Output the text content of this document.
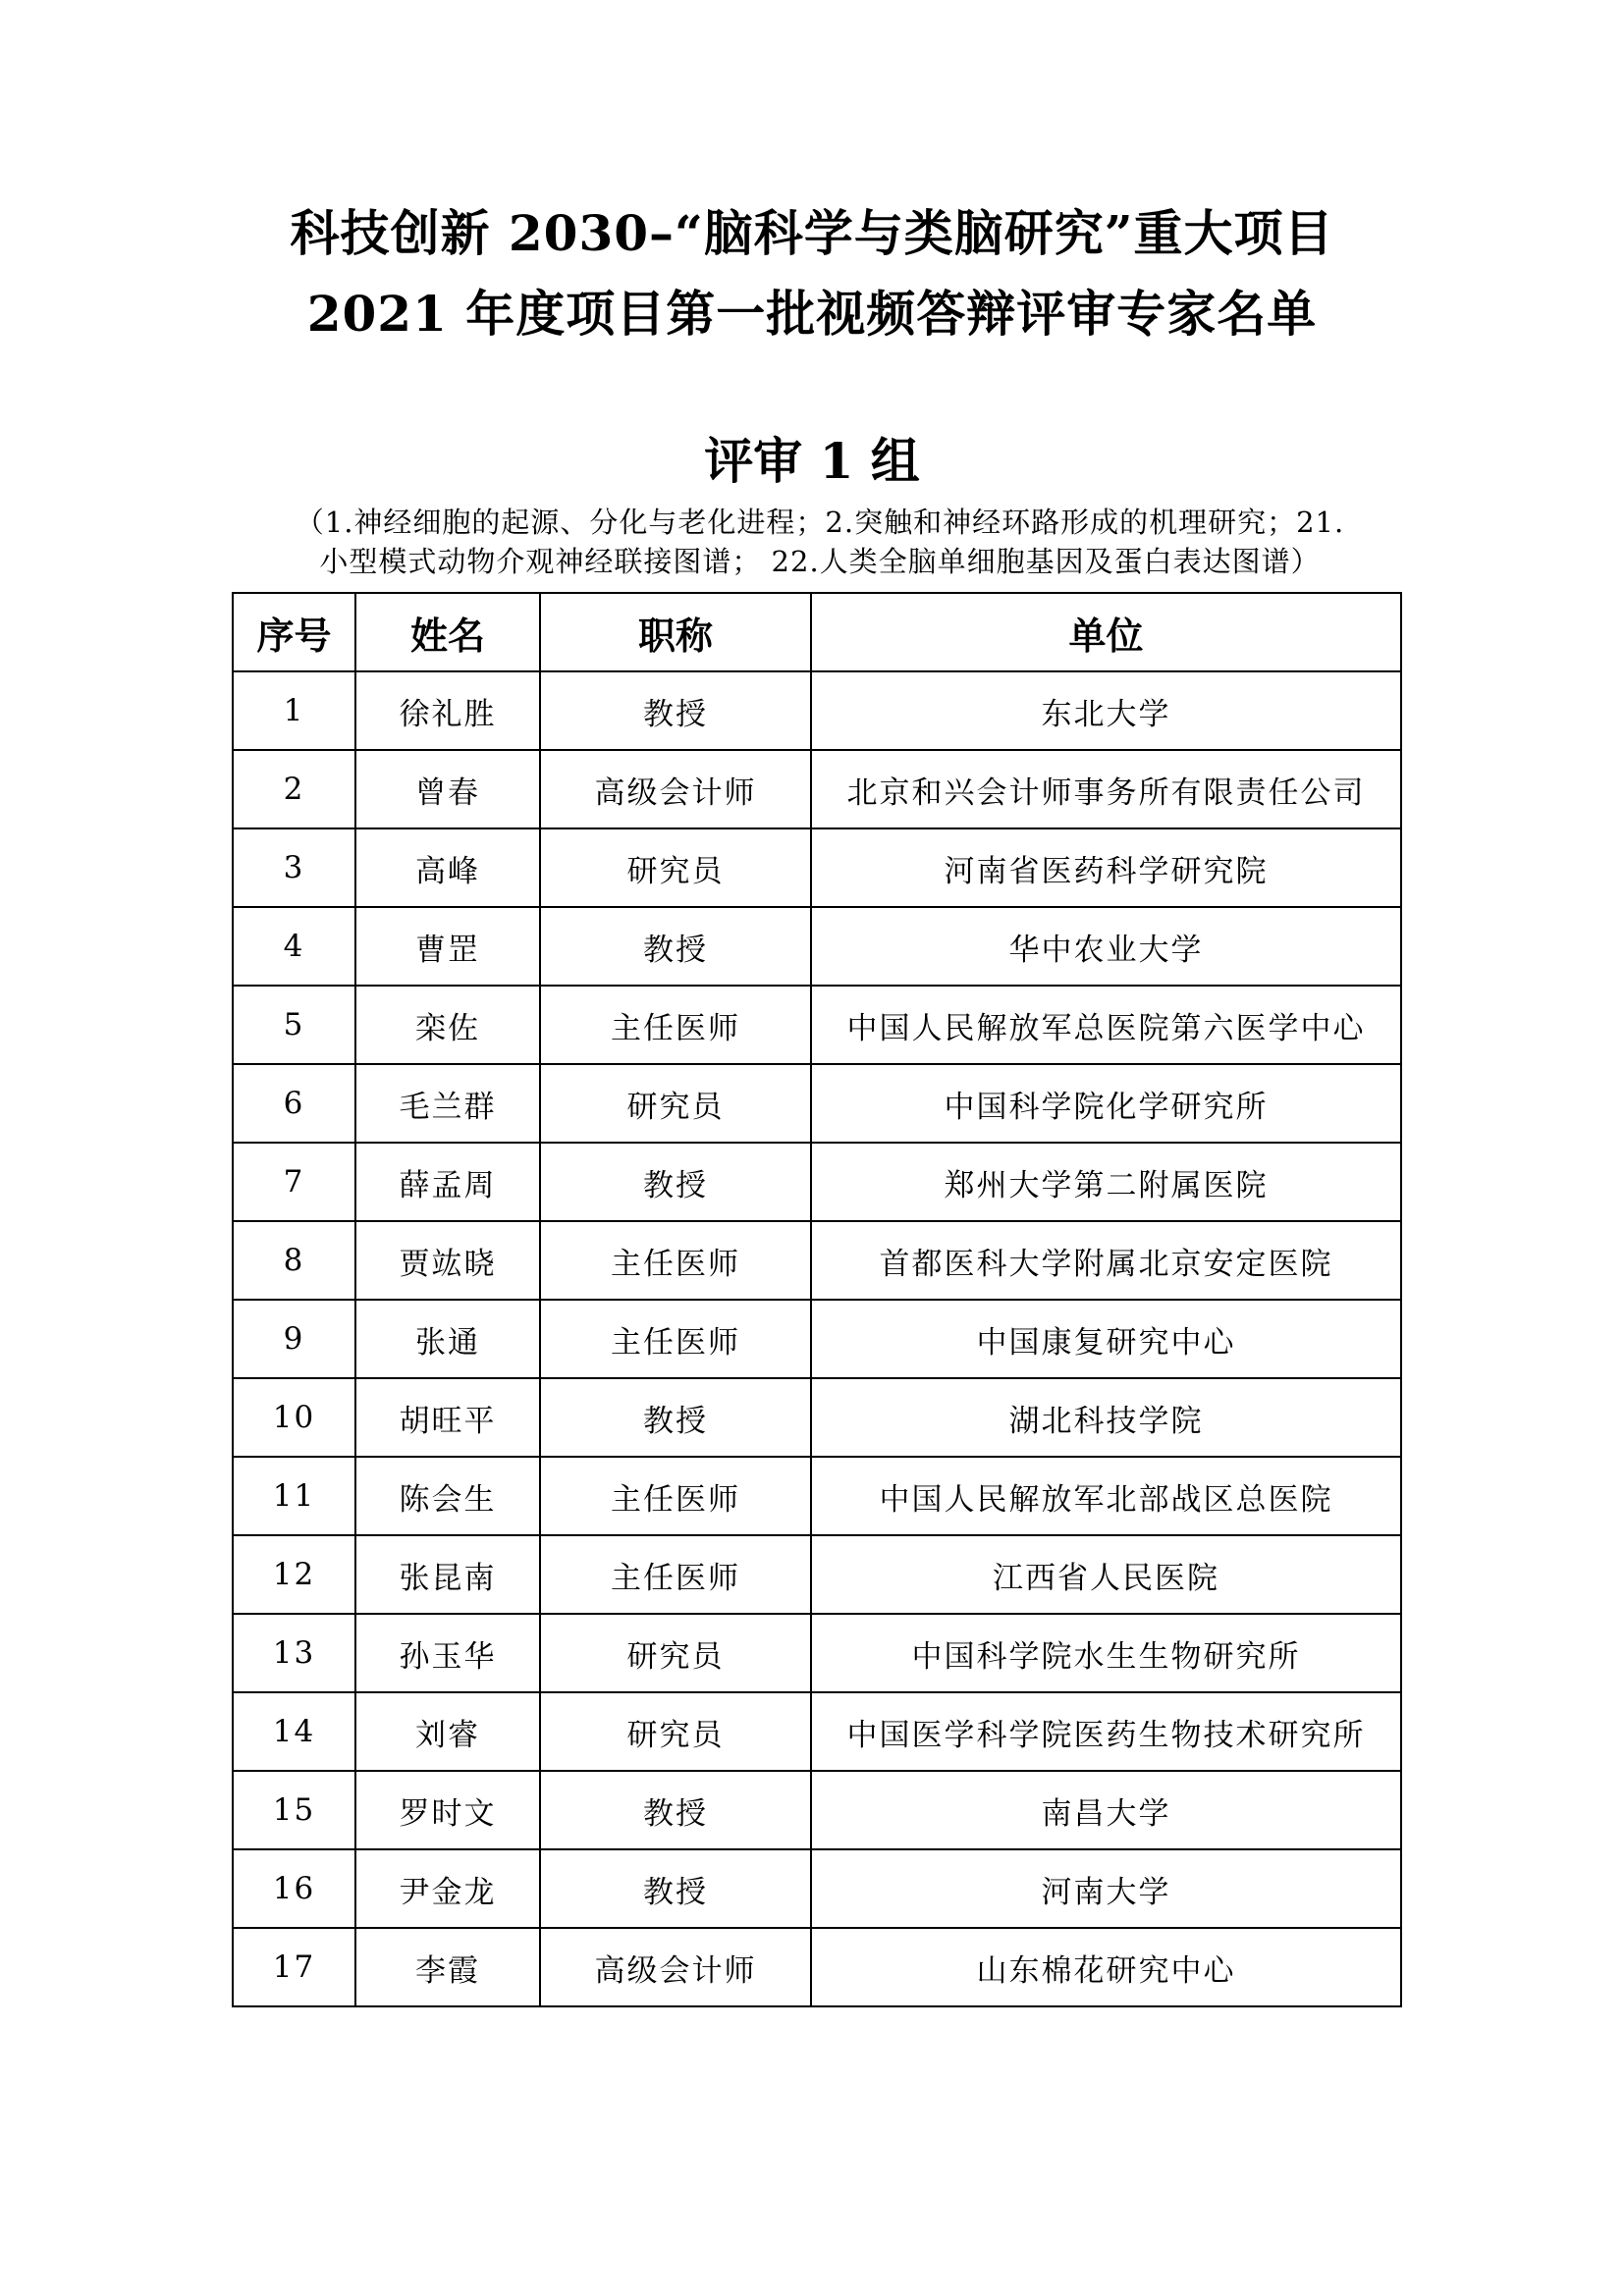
科技创新 2030–“脑科学与类脑研究”重大项目
2021 年度项目第一批视频答辩评审专家名单
评审 1 组
（1.神经细胞的起源、分化与老化进程；2.突触和神经环路形成的机理研究；21.
小型模式动物介观神经联接图谱； 22.人类全脑单细胞基因及蛋白表达图谱）
序号	姓名	职称	单位
1	徐礼胜	教授	东北大学
2	曾春	高级会计师	北京和兴会计师事务所有限责任公司
3	高峰	研究员	河南省医药科学研究院
4	曹罡	教授	华中农业大学
5	栾佐	主任医师	中国人民解放军总医院第六医学中心
6	毛兰群	研究员	中国科学院化学研究所
7	薛孟周	教授	郑州大学第二附属医院
8	贾竑晓	主任医师	首都医科大学附属北京安定医院
9	张通	主任医师	中国康复研究中心
10	胡旺平	教授	湖北科技学院
11	陈会生	主任医师	中国人民解放军北部战区总医院
12	张昆南	主任医师	江西省人民医院
13	孙玉华	研究员	中国科学院水生生物研究所
14	刘睿	研究员	中国医学科学院医药生物技术研究所
15	罗时文	教授	南昌大学
16	尹金龙	教授	河南大学
17	李霞	高级会计师	山东棉花研究中心
